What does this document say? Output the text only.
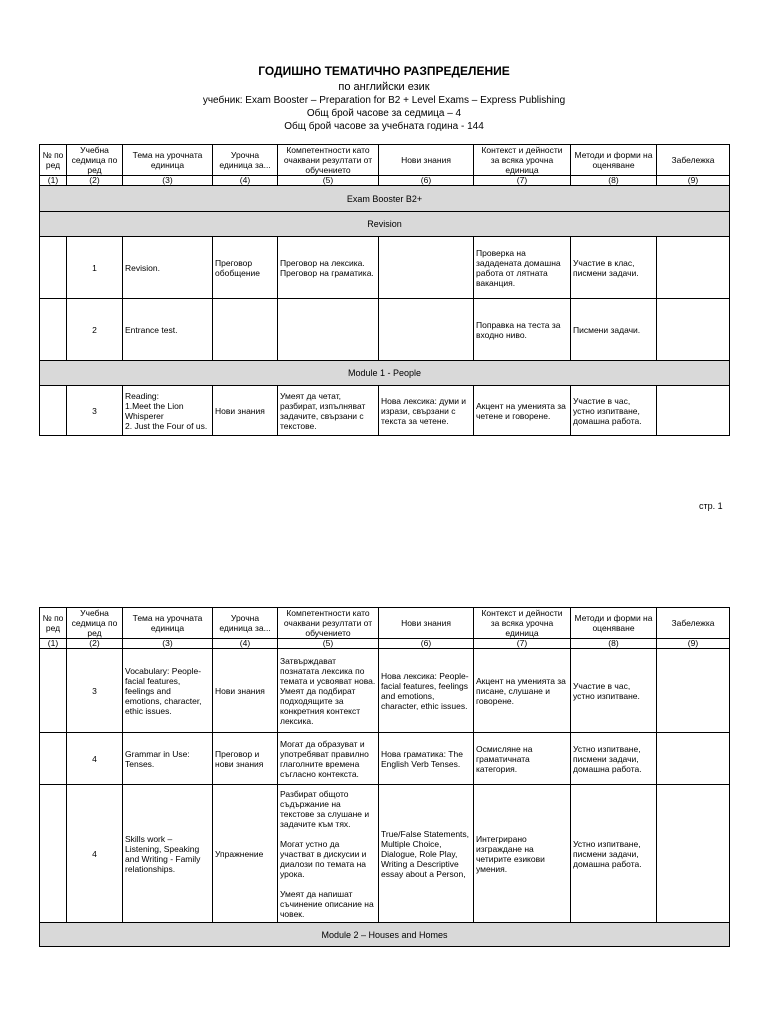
ГОДИШНО ТЕМАТИЧНО РАЗПРЕДЕЛЕНИЕ
по английски език
учебник: Exam Booster – Preparation for B2 + Level Exams – Express Publishing
Общ брой часове за седмица – 4
Общ брой часове за учебната година - 144
№ по ред	Учебна седмица по ред	Тема на урочната единица	Урочна единица за...	Компетентности като очаквани резултати от обучението	Нови знания	Контекст и дейности за всяка урочна единица	Методи и форми на оценяване	Забележка
(1)	(2)	(3)	(4)	(5)	(6)	(7)	(8)	(9)
Exam Booster B2+								
Revision								
	1	Revision.	Преговор обобщение	Преговор на лексика. Преговор на граматика.		Проверка на зададената домашна работа от лятната ваканция.	Участие в клас, писмени задачи.	
	2	Entrance test.				Поправка на теста за входно ниво.	Писмени задачи.	
Module 1 - People								
	3	Reading:
1.Meet the Lion Whisperer
2. Just the Four of us.	Нови знания	Умеят да четат, разбират, изпълняват задачите, свързани с текстове.	Нова лексика: думи и изрази, свързани с текста за четене.	Акцент на уменията за четене и говорене.	Участие в час, устно изпитване, домашна работа.	
стр. 1
№ по ред	Учебна седмица по ред	Тема на урочната единица	Урочна единица за...	Компетентности като очаквани резултати от обучението	Нови знания	Контекст и дейности за всяка урочна единица	Методи и форми на оценяване	Забележка
(1)	(2)	(3)	(4)	(5)	(6)	(7)	(8)	(9)
	3	Vocabulary: People-facial features, feelings and emotions, character, ethic issues.	Нови знания	Затвърждават познатата лексика по темата и усвояват нова. Умеят да подбират подходящите за конкретния контекст лексика.	Нова лексика: People-facial features, feelings and emotions, character, ethic issues.	Акцент на уменията за писане, слушане и говорене.	Участие в час, устно изпитване.	
	4	Grammar in Use: Tenses.	Преговор и нови знания	Могат да образуват и употребяват правилно глаголните времена съгласно контекста.	Нова граматика: The English Verb Tenses.	Осмисляне на граматичната категория.	Устно изпитване, писмени задачи, домашна работа.	
	4	Skills work – Listening, Speaking and Writing - Family relationships.	Упражнение	Разбират общото съдържание на текстове за слушане и задачите към тях.

Могат устно да участват в дискусии и диалози по темата на урока.

Умеят да напишат съчинение описание на човек.	True/False Statements, Multiple Choice, Dialogue, Role Play, Writing a Descriptive essay about a Person,	Интегрирано изграждане на четирите езикови умения.	Устно изпитване, писмени задачи, домашна работа.	
Module 2 – Houses and Homes								
